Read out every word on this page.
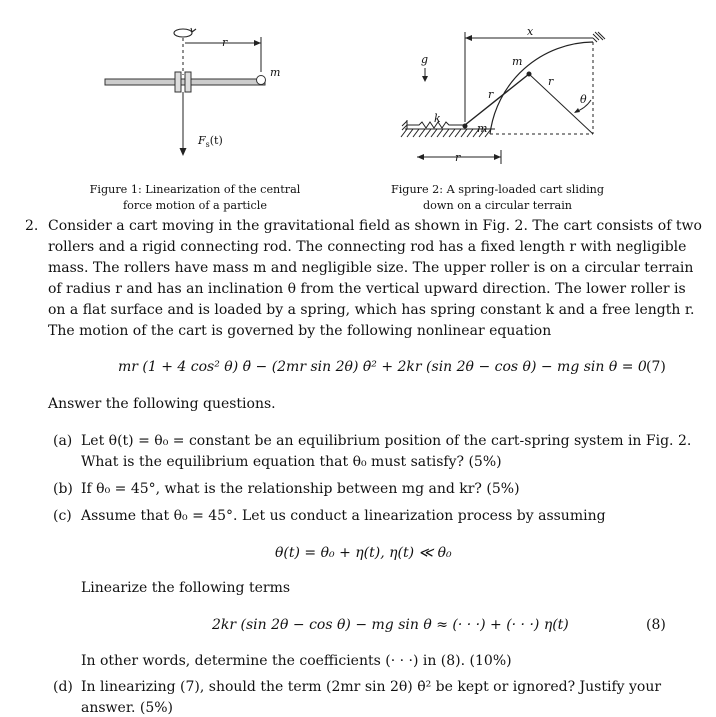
r
m
$F_s(t)$
Figure 1: Linearization of the central
force motion of a particle
g
x
m
r
r
θ
k
m
r
Figure 2: A spring-loaded cart sliding
down on a circular terrain
2. Consider a cart moving in the gravitational field as shown in Fig. 2. The cart consists of two
rollers and a rigid connecting rod. The connecting rod has a fixed length r with negligible
mass. The rollers have mass m and negligible size. The upper roller is on a circular terrain
of radius r and has an inclination θ from the vertical upward direction. The lower roller is
on a flat surface and is loaded by a spring, which has spring constant k and a free length r.
The motion of the cart is governed by the following nonlinear equation
mr (1 + 4 cos² θ) θ̈ − (2mr sin 2θ) θ̇² + 2kr (sin 2θ − cos θ) − mg sin θ = 0 (7)
Answer the following questions.
(a) Let θ(t) = θ₀ = constant be an equilibrium position of the cart-spring system in Fig. 2.
What is the equilibrium equation that θ₀ must satisfy? (5%)
(b) If θ₀ = 45°, what is the relationship between mg and kr? (5%)
(c) Assume that θ₀ = 45°. Let us conduct a linearization process by assuming
θ(t) = θ₀ + η(t), η(t) ≪ θ₀
Linearize the following terms
2kr (sin 2θ − cos θ) − mg sin θ ≈ (· · ·) + (· · ·) η(t)	(8)
In other words, determine the coefficients (· · ·) in (8). (10%)
(d) In linearizing (7), should the term (2mr sin 2θ) θ̇² be kept or ignored? Justify your
answer. (5%)
